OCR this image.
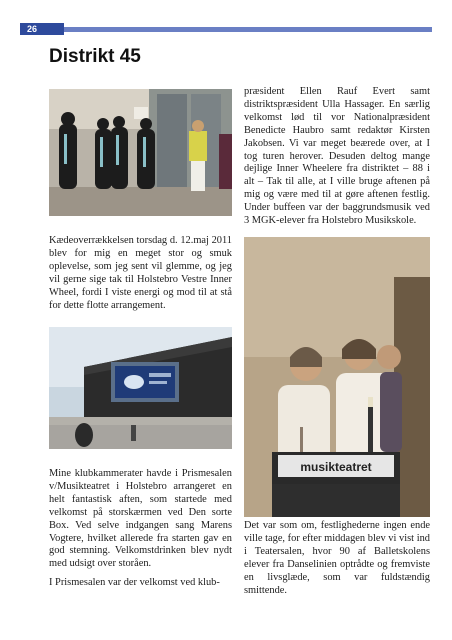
26
Distrikt 45
præsident Ellen Rauf Evert samt distriktspræsident Ulla Hassager. En særlig velkomst lød til vor Nationalpræsident Benedicte Haubro samt redaktør Kirsten Jakobsen. Vi var meget beærede over, at I tog turen herover. Desuden deltog mange dejlige Inner Wheelere fra distriktet – 88 i alt – Tak til alle, at I ville bruge aftenen på mig og være med til at gøre aftenen festlig. Under buffeen var der baggrundsmusik ved 3 MGK-elever fra Holstebro Musikskole.
Kædeoverrækkelsen torsdag d. 12.maj 2011 blev for mig en meget stor og smuk oplevelse, som jeg sent vil glemme, og jeg vil gerne sige tak til Holstebro Vestre Inner Wheel, fordi I viste energi og mod til at stå for dette flotte arrangement.
Mine klubkammerater havde i Prismesalen v/Musikteatret i Holstebro arrangeret en helt fantastisk aften, som startede med velkomst på storskærmen ved Den sorte Box. Ved selve indgangen sang Marens Vogtere, hvilket allerede fra starten gav en god stemning. Velkomstdrinken blev nydt med udsigt over storåen.
I Prismesalen var der velkomst ved klub-
musikteatret
Det var som om, festlighederne ingen ende ville tage, for efter middagen blev vi vist ind i Teatersalen, hvor 90 af Balletskolens elever fra Danselinien optrådte og fremviste en livsglæde, som var fuldstændig smittende.
